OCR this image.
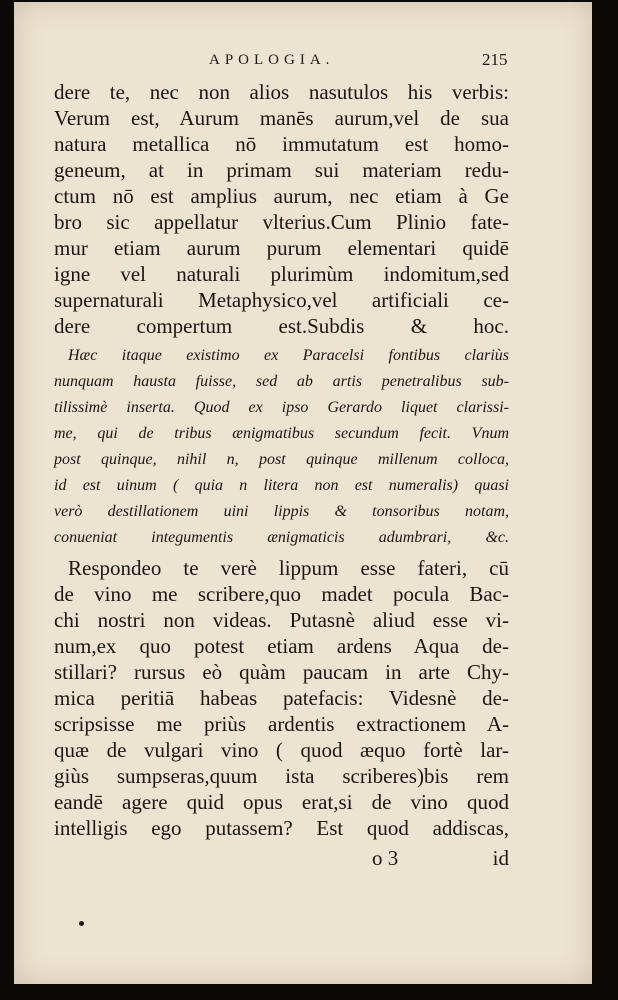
APOLOGIA.	215
dere te, nec non alios nasutulos his verbis:
Verum est, Aurum manēs aurum,vel de sua
natura metallica nō immutatum est homo-
geneum, at in primam sui materiam redu-
ctum nō est amplius aurum, nec etiam à Ge
bro sic appellatur vlterius.Cum Plinio fate-
mur etiam aurum purum elementari quidē
igne vel naturali plurimùm indomitum,sed
supernaturali Metaphysico,vel artificiali ce-
dere compertum est.Subdis & hoc.
Hæc itaque existimo ex Paracelsi fontibus clariùs
nunquam hausta fuisse, sed ab artis penetralibus sub-
tilissimè inserta. Quod ex ipso Gerardo liquet clarissi-
me, qui de tribus ænigmatibus secundum fecit. Vnum
post quinque, nihil n, post quinque millenum colloca,
id est uinum ( quia n litera non est numeralis) quasi
verò destillationem uini lippis & tonsoribus notam,
conueniat integumentis ænigmaticis adumbrari, &c.
Respondeo te verè lippum esse fateri, cū
de vino me scribere,quo madet pocula Bac-
chi nostri non videas. Putasnè aliud esse vi-
num,ex quo potest etiam ardens Aqua de-
stillari? rursus eò quàm paucam in arte Chy-
mica peritiā habeas patefacis: Videsnè de-
scripsisse me priùs ardentis extractionem A-
quæ de vulgari vino ( quod æquo fortè lar-
giùs sumpseras,quum ista scriberes)bis rem
eandē agere quid opus erat,si de vino quod
intelligis ego putassem? Est quod addiscas,
o 3	id
